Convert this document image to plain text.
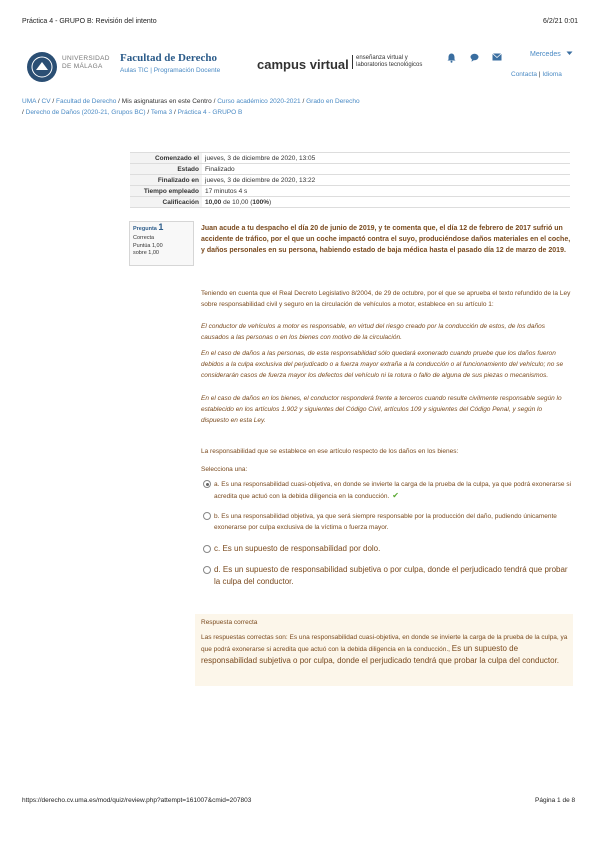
Práctica 4 - GRUPO B: Revisión del intento	6/2/21 0:01
https://derecho.cv.uma.es/mod/quiz/review.php?attempt=161007&cmid=207803	Página 1 de 8
UNIVERSIDAD
DE MÁLAGA
Facultad de Derecho
Aulas TIC | Programación Docente	campus virtual enseñanza virtual y
laboratorios tecnológicos
Mercedes
Contacta | Idioma
UMA / CV / Facultad de Derecho / Mis asignaturas en este Centro / Curso académico 2020-2021 / Grado en Derecho
/ Derecho de Daños (2020-21, Grupos BC) / Tema 3 / Práctica 4 - GRUPO B
Comenzado el	jueves, 3 de diciembre de 2020, 13:05
Estado	Finalizado
Finalizado en	jueves, 3 de diciembre de 2020, 13:22
Tiempo empleado	17 minutos 4 s
Calificación	10,00 de 10,00 (100%)
Pregunta 1
Correcta
Puntúa 1,00
sobre 1,00
Juan acude a tu despacho el día 20 de junio de 2019, y te comenta que, el día 12 de febrero de 2017 sufrió un accidente de tráfico, por el que un coche impactó contra el suyo, produciéndose daños materiales en el coche, y daños personales en su persona, habiendo estado de baja médica hasta el pasado día 12 de marzo de 2019.
Teniendo en cuenta que el Real Decreto Legislativo 8/2004, de 29 de octubre, por el que se aprueba el texto refundido de la Ley sobre responsabilidad civil y seguro en la circulación de vehículos a motor, establece en su artículo 1:
El conductor de vehículos a motor es responsable, en virtud del riesgo creado por la conducción de estos, de los daños causados a las personas o en los bienes con motivo de la circulación.
En el caso de daños a las personas, de esta responsabilidad sólo quedará exonerado cuando pruebe que los daños fueron debidos a la culpa exclusiva del perjudicado o a fuerza mayor extraña a la conducción o al funcionamiento del vehículo; no se considerarán casos de fuerza mayor los defectos del vehículo ni la rotura o fallo de alguna de sus piezas o mecanismos.
En el caso de daños en los bienes, el conductor responderá frente a terceros cuando resulte civilmente responsable según lo establecido en los artículos 1.902 y siguientes del Código Civil, artículos 109 y siguientes del Código Penal, y según lo dispuesto en esta Ley.
La responsabilidad que se establece en ese artículo respecto de los daños en los bienes:
Selecciona una:
a. Es una responsabilidad cuasi-objetiva, en donde se invierte la carga de la prueba de la culpa, ya que podrá exonerarse si acredita que actuó con la debida diligencia en la conducción. ✔
b. Es una responsabilidad objetiva, ya que será siempre responsable por la producción del daño, pudiendo únicamente exonerarse por culpa exclusiva de la víctima o fuerza mayor.
c. Es un supuesto de responsabilidad por dolo.
d. Es un supuesto de responsabilidad subjetiva o por culpa, donde el perjudicado tendrá que probar la culpa del conductor.
Respuesta correcta
Las respuestas correctas son: Es una responsabilidad cuasi-objetiva, en donde se invierte la carga de la prueba de la culpa, ya que podrá exonerarse si acredita que actuó con la debida diligencia en la conducción., Es un supuesto de responsabilidad subjetiva o por culpa, donde el perjudicado tendrá que probar la culpa del conductor.
